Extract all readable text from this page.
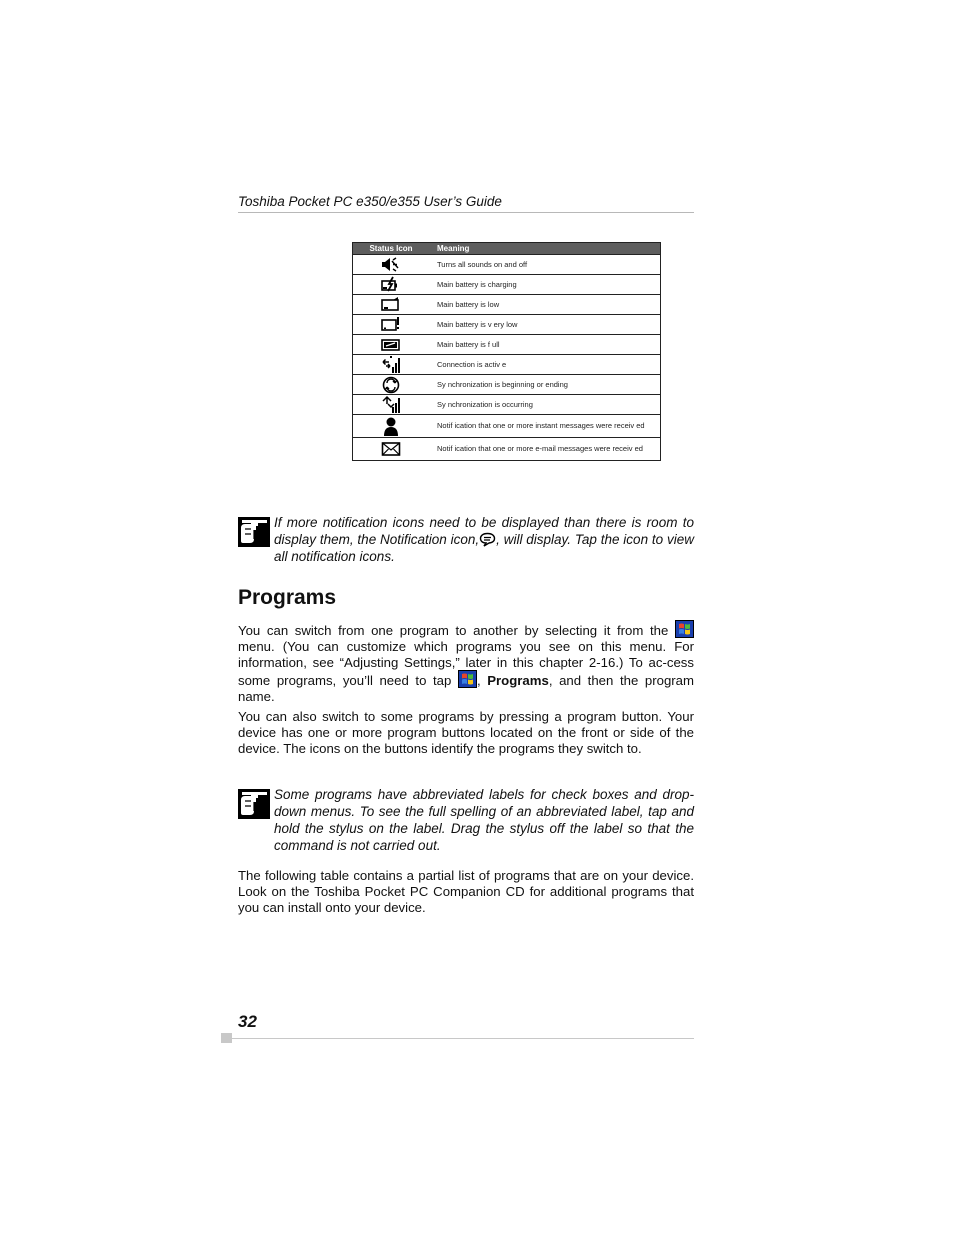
Toshiba Pocket PC e350/e355 User’s Guide
Status Icon	Meaning

	Turns all sounds on and off

	Main battery is charging

	Main battery is low

	Main battery is v ery low

	Main battery is f ull

	Connection is activ e

	Sy nchronization is beginning or ending

	Sy nchronization is occurring

	Notif ication that one or more instant messages were receiv ed

	Notif ication that one or more e-mail messages were receiv ed

If more notification icons need to be displayed than there is room to display them, the Notification icon, , will display. Tap the icon to view all notification icons.

Programs

You can switch from one program to another by selecting it from the  menu. (You can customize which programs you see on this menu. For information, see “Adjusting Settings,” later in this chapter 2-16.) To ac-cess some programs, you’ll need to tap , Programs, and then the program name.

You can also switch to some programs by pressing a program button. Your device has one or more program buttons located on the front or side of the device. The icons on the buttons identify the programs they switch to.

Some programs have abbreviated labels for check boxes and drop-down menus. To see the full spelling of an abbreviated label, tap and hold the stylus on the label. Drag the stylus off the label so that the command is not carried out.

The following table contains a partial list of programs that are on your device. Look on the Toshiba Pocket PC Companion CD for additional programs that you can install onto your device.

32
